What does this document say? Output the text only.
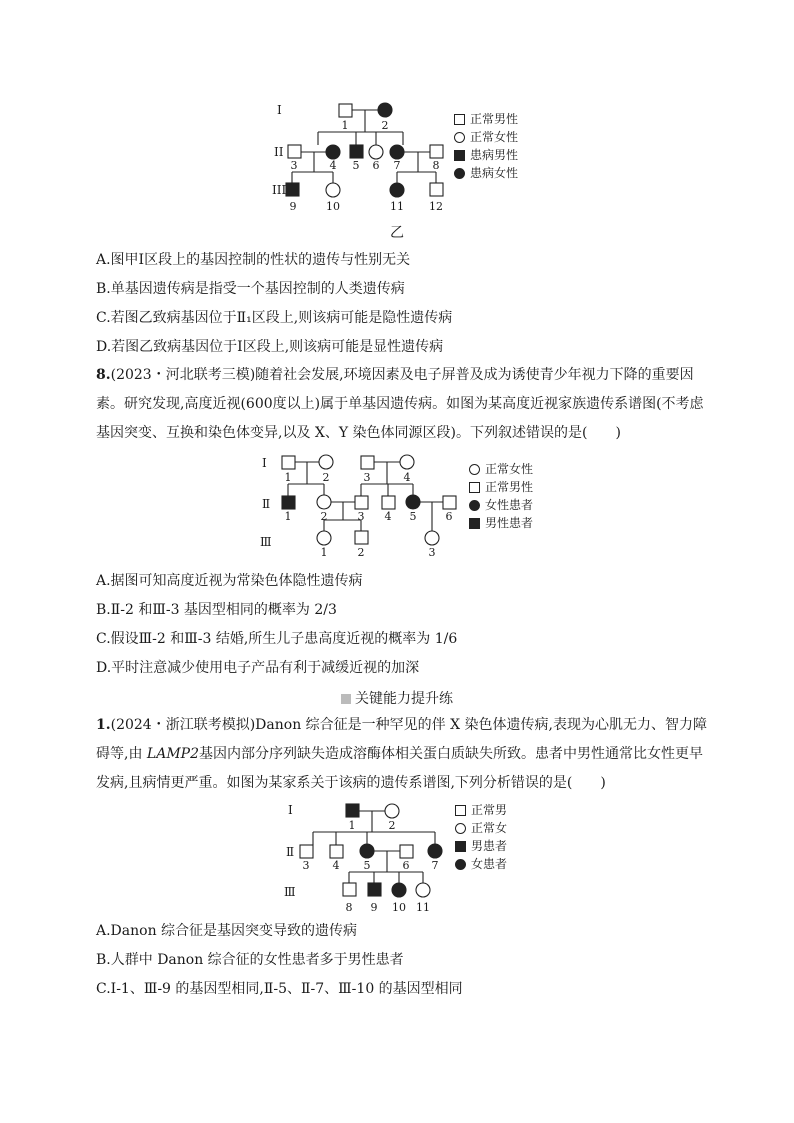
I
II
III
1	2
3	4 5 6 7	8
9	10	11 12
乙
正常男性
正常女性
患病男性
患病女性
A.图甲Ⅰ区段上的基因控制的性状的遗传与性别无关
B.单基因遗传病是指受一个基因控制的人类遗传病
C.若图乙致病基因位于Ⅱ₁区段上,则该病可能是隐性遗传病
D.若图乙致病基因位于Ⅰ区段上,则该病可能是显性遗传病
8.(2023・河北联考三模)随着社会发展,环境因素及电子屏普及成为诱使青少年视力下降的重要因素。研究发现,高度近视(600度以上)属于单基因遗传病。如图为某高度近视家族遗传系谱图(不考虑基因突变、互换和染色体变异,以及 X、Y 染色体同源区段)。下列叙述错误的是(　　)
Ⅰ
Ⅱ
Ⅲ
1	2	3	4
1	2	3 4 5	6
1	2	3
正常女性
正常男性
女性患者
男性患者
A.据图可知高度近视为常染色体隐性遗传病
B.Ⅱ-2 和Ⅲ-3 基因型相同的概率为 2/3
C.假设Ⅲ-2 和Ⅲ-3 结婚,所生儿子患高度近视的概率为 1/6
D.平时注意减少使用电子产品有利于减缓近视的加深
关键能力提升练
1.(2024・浙江联考模拟)Danon 综合征是一种罕见的伴 X 染色体遗传病,表现为心肌无力、智力障碍等,由 LAMP2基因内部分序列缺失造成溶酶体相关蛋白质缺失所致。患者中男性通常比女性更早发病,且病情更严重。如图为某家系关于该病的遗传系谱图,下列分析错误的是(　　)
Ⅰ
Ⅱ
Ⅲ
1	2
3 4 5	6 7
8 9 10 11
正常男
正常女
男患者
女患者
A.Danon 综合征是基因突变导致的遗传病
B.人群中 Danon 综合征的女性患者多于男性患者
C.Ⅰ-1、Ⅲ-9 的基因型相同,Ⅱ-5、Ⅱ-7、Ⅲ-10 的基因型相同
